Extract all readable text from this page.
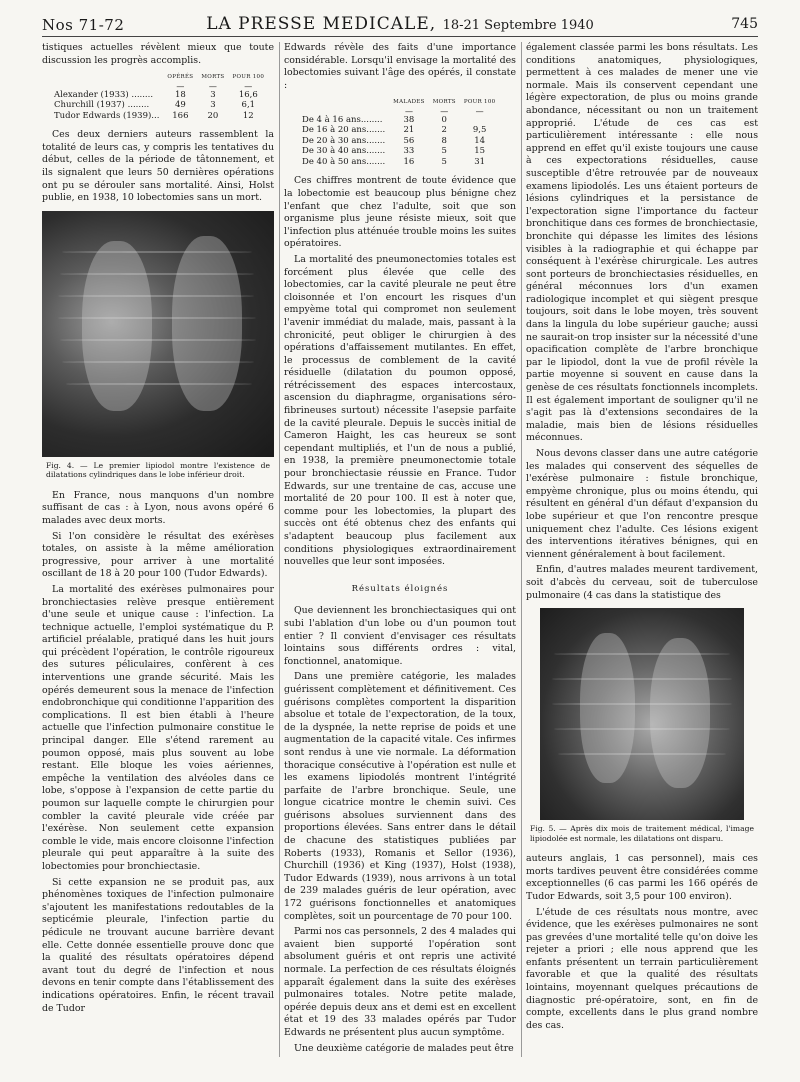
Nos 71-72	LA PRESSE MEDICALE, 18-21 Septembre 1940	745

tistiques actuelles révèlent mieux que toute discussion les progrès accomplis.

	OPÉRÉS	MORTS	POUR 100
	—	—	—
Alexander (1933) ........	18	3	16,6
Churchill (1937) ........	49	3	6,1
Tudor Edwards (1939)...	166	20	12

Ces deux derniers auteurs rassemblent la totalité de leurs cas, y compris les tentatives du début, celles de la période de tâtonnement, et ils signalent que leurs 50 dernières opérations ont pu se dérouler sans mortalité. Ainsi, Holst publie, en 1938, 10 lobectomies sans un mort.

Fig. 4. — Le premier lipiodol montre l'existence de dilatations cylindriques dans le lobe inférieur droit.

En France, nous manquons d'un nombre suffisant de cas : à Lyon, nous avons opéré 6 malades avec deux morts.

Si l'on considère le résultat des exérèses totales, on assiste à la même amélioration progressive, pour arriver à une mortalité oscillant de 18 à 20 pour 100 (Tudor Edwards).

La mortalité des exérèses pulmonaires pour bronchiectasies relève presque entièrement d'une seule et unique cause : l'infection. La technique actuelle, l'emploi systématique du P. artificiel préalable, pratiqué dans les huit jours qui précèdent l'opération, le contrôle rigoureux des sutures péliculaires, confèrent à ces interventions une grande sécurité. Mais les opérés demeurent sous la menace de l'infection endobronchique qui conditionne l'apparition des complications. Il est bien établi à l'heure actuelle que l'infection pulmonaire constitue le principal danger. Elle s'étend rarement au poumon opposé, mais plus souvent au lobe restant. Elle bloque les voies aériennes, empêche la ventilation des alvéoles dans ce lobe, s'oppose à l'expansion de cette partie du poumon sur laquelle compte le chirurgien pour combler la cavité pleurale vide créée par l'exérèse. Non seulement cette expansion comble le vide, mais encore cloisonne l'infection pleurale qui peut apparaître à la suite des lobectomies pour bronchiectasie.

Si cette expansion ne se produit pas, aux phénomènes toxiques de l'infection pulmonaire s'ajoutent les manifestations redoutables de la septicémie pleurale, l'infection partie du pédicule ne trouvant aucune barrière devant elle. Cette donnée essentielle prouve donc que la qualité des résultats opératoires dépend avant tout du degré de l'infection et nous devons en tenir compte dans l'établissement des indications opératoires. Enfin, le récent travail de Tudor

Edwards révèle des faits d'une importance considérable. Lorsqu'il envisage la mortalité des lobectomies suivant l'âge des opérés, il constate :

	MALADES	MORTS	POUR 100
	—	—	—
De 4 à 16 ans........	38	0	
De 16 à 20 ans.......	21	2	9,5
De 20 à 30 ans.......	56	8	14
De 30 à 40 ans.......	33	5	15
De 40 à 50 ans.......	16	5	31

Ces chiffres montrent de toute évidence que la lobectomie est beaucoup plus bénigne chez l'enfant que chez l'adulte, soit que son organisme plus jeune résiste mieux, soit que l'infection plus atténuée trouble moins les suites opératoires.

La mortalité des pneumonectomies totales est forcément plus élevée que celle des lobectomies, car la cavité pleurale ne peut être cloisonnée et l'on encourt les risques d'un empyème total qui compromet non seulement l'avenir immédiat du malade, mais, passant à la chronicité, peut obliger le chirurgien à des opérations d'affaissement mutilantes. En effet, le processus de comblement de la cavité résiduelle (dilatation du poumon opposé, rétrécissement des espaces intercostaux, ascension du diaphragme, organisations séro-fibrineuses surtout) nécessite l'asepsie parfaite de la cavité pleurale. Depuis le succès initial de Cameron Haight, les cas heureux se sont cependant multipliés, et l'un de nous a publié, en 1938, la première pneumonectomie totale pour bronchiectasie réussie en France. Tudor Edwards, sur une trentaine de cas, accuse une mortalité de 20 pour 100. Il est à noter que, comme pour les lobectomies, la plupart des succès ont été obtenus chez des enfants qui s'adaptent beaucoup plus facilement aux conditions physiologiques extraordinairement nouvelles que leur sont imposées.

Résultats éloignés

Que deviennent les bronchiectasiques qui ont subi l'ablation d'un lobe ou d'un poumon tout entier ? Il convient d'envisager ces résultats lointains sous différents ordres : vital, fonctionnel, anatomique.

Dans une première catégorie, les malades guérissent complètement et définitivement. Ces guérisons complètes comportent la disparition absolue et totale de l'expectoration, de la toux, de la dyspnée, la nette reprise de poids et une augmentation de la capacité vitale. Ces infirmes sont rendus à une vie normale. La déformation thoracique consécutive à l'opération est nulle et les examens lipiodolés montrent l'intégrité parfaite de l'arbre bronchique. Seule, une longue cicatrice montre le chemin suivi. Ces guérisons absolues surviennent dans des proportions élevées. Sans entrer dans le détail de chacune des statistiques publiées par Roberts (1933), Romanis et Sellor (1936), Churchill (1936) et King (1937), Holst (1938), Tudor Edwards (1939), nous arrivons à un total de 239 malades guéris de leur opération, avec 172 guérisons fonctionnelles et anatomiques complètes, soit un pourcentage de 70 pour 100.

Parmi nos cas personnels, 2 des 4 malades qui avaient bien supporté l'opération sont absolument guéris et ont repris une activité normale. La perfection de ces résultats éloignés apparaît également dans la suite des exérèses pulmonaires totales. Notre petite malade, opérée depuis deux ans et demi est en excellent état et 19 des 33 malades opérés par Tudor Edwards ne présentent plus aucun symptôme.

Une deuxième catégorie de malades peut être

également classée parmi les bons résultats. Les conditions anatomiques, physiologiques, permettent à ces malades de mener une vie normale. Mais ils conservent cependant une légère expectoration, de plus ou moins grande abondance, nécessitant ou non un traitement approprié. L'étude de ces cas est particulièrement intéressante : elle nous apprend en effet qu'il existe toujours une cause à ces expectorations résiduelles, cause susceptible d'être retrouvée par de nouveaux examens lipiodolés. Les uns étaient porteurs de lésions cylindriques et la persistance de l'expectoration signe l'importance du facteur bronchitique dans ces formes de bronchiectasie, bronchite qui dépasse les limites des lésions visibles à la radiographie et qui échappe par conséquent à l'exérèse chirurgicale. Les autres sont porteurs de bronchiectasies résiduelles, en général méconnues lors d'un examen radiologique incomplet et qui siègent presque toujours, soit dans le lobe moyen, très souvent dans la lingula du lobe supérieur gauche; aussi ne saurait-on trop insister sur la nécessité d'une opacification complète de l'arbre bronchique par le lipiodol, dont la vue de profil révèle la partie moyenne si souvent en cause dans la genèse de ces résultats fonctionnels incomplets. Il est également important de souligner qu'il ne s'agit pas là d'extensions secondaires de la maladie, mais bien de lésions résiduelles méconnues.

Nous devons classer dans une autre catégorie les malades qui conservent des séquelles de l'exérèse pulmonaire : fistule bronchique, empyème chronique, plus ou moins étendu, qui résultent en général d'un défaut d'expansion du lobe supérieur et que l'on rencontre presque uniquement chez l'adulte. Ces lésions exigent des interventions itératives bénignes, qui en viennent généralement à bout facilement.

Enfin, d'autres malades meurent tardivement, soit d'abcès du cerveau, soit de tuberculose pulmonaire (4 cas dans la statistique des

Fig. 5. — Après dix mois de traitement médical, l'image lipiodolée est normale, les dilatations ont disparu.

auteurs anglais, 1 cas personnel), mais ces morts tardives peuvent être considérées comme exceptionnelles (6 cas parmi les 166 opérés de Tudor Edwards, soit 3,5 pour 100 environ).

L'étude de ces résultats nous montre, avec évidence, que les exérèses pulmonaires ne sont pas grevées d'une mortalité telle qu'on doive les rejeter a priori ; elle nous apprend que les enfants présentent un terrain particulièrement favorable et que la qualité des résultats lointains, moyennant quelques précautions de diagnostic pré-opératoire, sont, en fin de compte, excellents dans le plus grand nombre des cas.
